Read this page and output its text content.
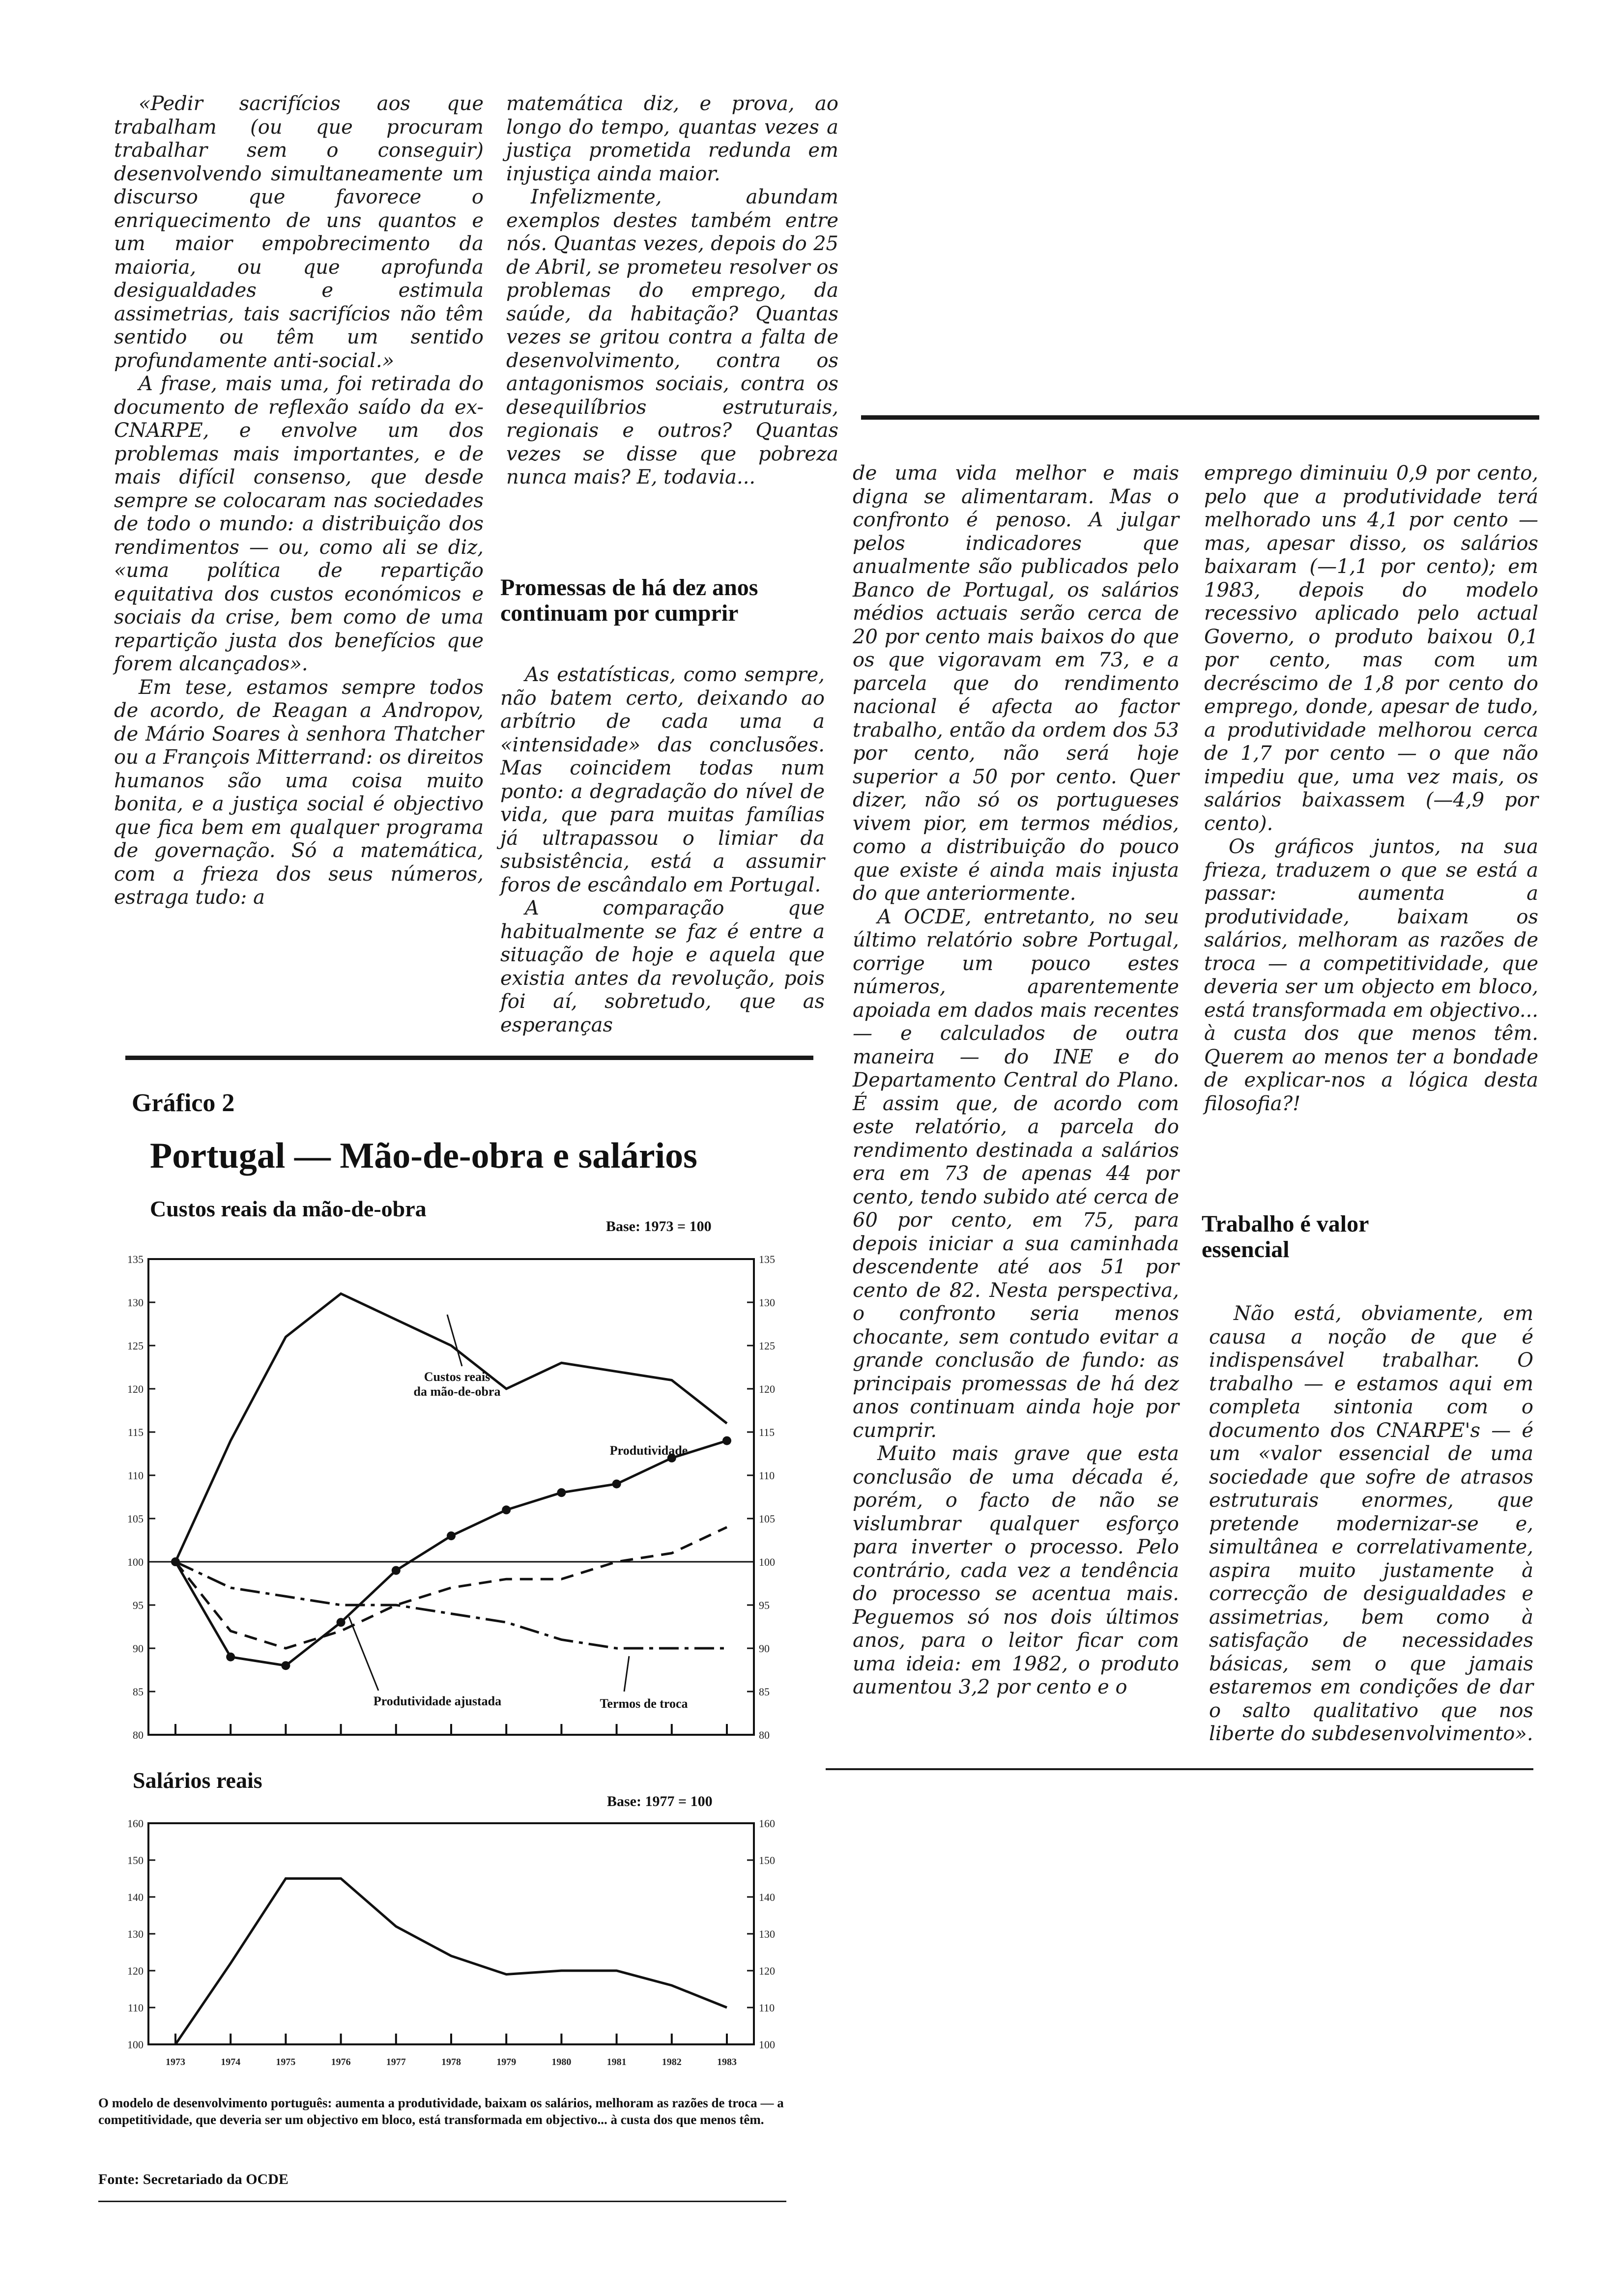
«Pedir sacrifícios aos que trabalham (ou que procuram trabalhar sem o conseguir) desenvolvendo simultaneamente um discurso que favorece o enriquecimento de uns quantos e um maior empobrecimento da maioria, ou que aprofunda desigualdades e estimula assimetrias, tais sacrifícios não têm sentido ou têm um sentido profundamente anti-social.»

A frase, mais uma, foi retirada do documento de reflexão saído da ex-CNARPE, e envolve um dos problemas mais importantes, e de mais difícil consenso, que desde sempre se colocaram nas sociedades de todo o mundo: a distribuição dos rendimentos — ou, como ali se diz, «uma política de repartição equitativa dos custos económicos e sociais da crise, bem como de uma repartição justa dos benefícios que forem alcançados».

Em tese, estamos sempre todos de acordo, de Reagan a Andropov, de Mário Soares à senhora Thatcher ou a François Mitterrand: os direitos humanos são uma coisa muito bonita, e a justiça social é objectivo que fica bem em qualquer programa de governação. Só a matemática, com a frieza dos seus números, estraga tudo: a

matemática diz, e prova, ao longo do tempo, quantas vezes a justiça prometida redunda em injustiça ainda maior.

Infelizmente, abundam exemplos destes também entre nós. Quantas vezes, depois do 25 de Abril, se prometeu resolver os problemas do emprego, da saúde, da habitação? Quantas vezes se gritou contra a falta de desenvolvimento, contra os antagonismos sociais, contra os desequilíbrios estruturais, regionais e outros? Quantas vezes se disse que pobreza nunca mais? E, todavia...

Promessas de há dez anos continuam por cumprir

As estatísticas, como sempre, não batem certo, deixando ao arbítrio de cada uma a «intensidade» das conclusões. Mas coincidem todas num ponto: a degradação do nível de vida, que para muitas famílias já ultrapassou o limiar da subsistência, está a assumir foros de escândalo em Portugal.

A comparação que habitualmente se faz é entre a situação de hoje e aquela que existia antes da revolução, pois foi aí, sobretudo, que as esperanças

de uma vida melhor e mais digna se alimentaram. Mas o confronto é penoso. A julgar pelos indicadores que anualmente são publicados pelo Banco de Portugal, os salários médios actuais serão cerca de 20 por cento mais baixos do que os que vigoravam em 73, e a parcela que do rendimento nacional é afecta ao factor trabalho, então da ordem dos 53 por cento, não será hoje superior a 50 por cento. Quer dizer, não só os portugueses vivem pior, em termos médios, como a distribuição do pouco que existe é ainda mais injusta do que anteriormente.

A OCDE, entretanto, no seu último relatório sobre Portugal, corrige um pouco estes números, aparentemente apoiada em dados mais recentes — e calculados de outra maneira — do INE e do Departamento Central do Plano. É assim que, de acordo com este relatório, a parcela do rendimento destinada a salários era em 73 de apenas 44 por cento, tendo subido até cerca de 60 por cento, em 75, para depois iniciar a sua caminhada descendente até aos 51 por cento de 82. Nesta perspectiva, o confronto seria menos chocante, sem contudo evitar a grande conclusão de fundo: as principais promessas de há dez anos continuam ainda hoje por cumprir.

Muito mais grave que esta conclusão de uma década é, porém, o facto de não se vislumbrar qualquer esforço para inverter o processo. Pelo contrário, cada vez a tendência do processo se acentua mais. Peguemos só nos dois últimos anos, para o leitor ficar com uma ideia: em 1982, o produto aumentou 3,2 por cento e o

emprego diminuiu 0,9 por cento, pelo que a produtividade terá melhorado uns 4,1 por cento — mas, apesar disso, os salários baixaram (—1,1 por cento); em 1983, depois do modelo recessivo aplicado pelo actual Governo, o produto baixou 0,1 por cento, mas com um decréscimo de 1,8 por cento do emprego, donde, apesar de tudo, a produtividade melhorou cerca de 1,7 por cento — o que não impediu que, uma vez mais, os salários baixassem (—4,9 por cento).

Os gráficos juntos, na sua frieza, traduzem o que se está a passar: aumenta a produtividade, baixam os salários, melhoram as razões de troca — a competitividade, que deveria ser um objecto em bloco, está transformada em objectivo... à custa dos que menos têm. Querem ao menos ter a bondade de explicar-nos a lógica desta filosofia?!

Trabalho é valor essencial

Não está, obviamente, em causa a noção de que é indispensável trabalhar. O trabalho — e estamos aqui em completa sintonia com o documento dos CNARPE's — é um «valor essencial de uma sociedade que sofre de atrasos estruturais enormes, que pretende modernizar-se e, simultânea e correlativamente, aspira muito justamente à correcção de desigualdades e assimetrias, bem como à satisfação de necessidades básicas, sem o que jamais estaremos em condições de dar o salto qualitativo que nos liberte do subdesenvolvimento».

Gráfico 2
Portugal — Mão-de-obra e salários
Custos reais da mão-de-obra
Base: 1973 = 100
80	80
85	85
90	90
95	95
100	100
105	105
110	110
115	115
120	120
125	125
130	130
135	135
Custos reais
da mão-de-obra
Produtividade
Produtividade ajustada	Termos de troca
Salários reais
Base: 1977 = 100
100	100
110	110
120	120
130	130
140	140
150	150
160	160
1973	1974	1975	1976	1977	1978	1979	1980	1981	1982	1983
O modelo de desenvolvimento português: aumenta a produtividade, baixam os salários, melhoram as razões de troca — a competitividade, que deveria ser um objectivo em bloco, está transformada em objectivo... à custa dos que menos têm.
Fonte: Secretariado da OCDE
